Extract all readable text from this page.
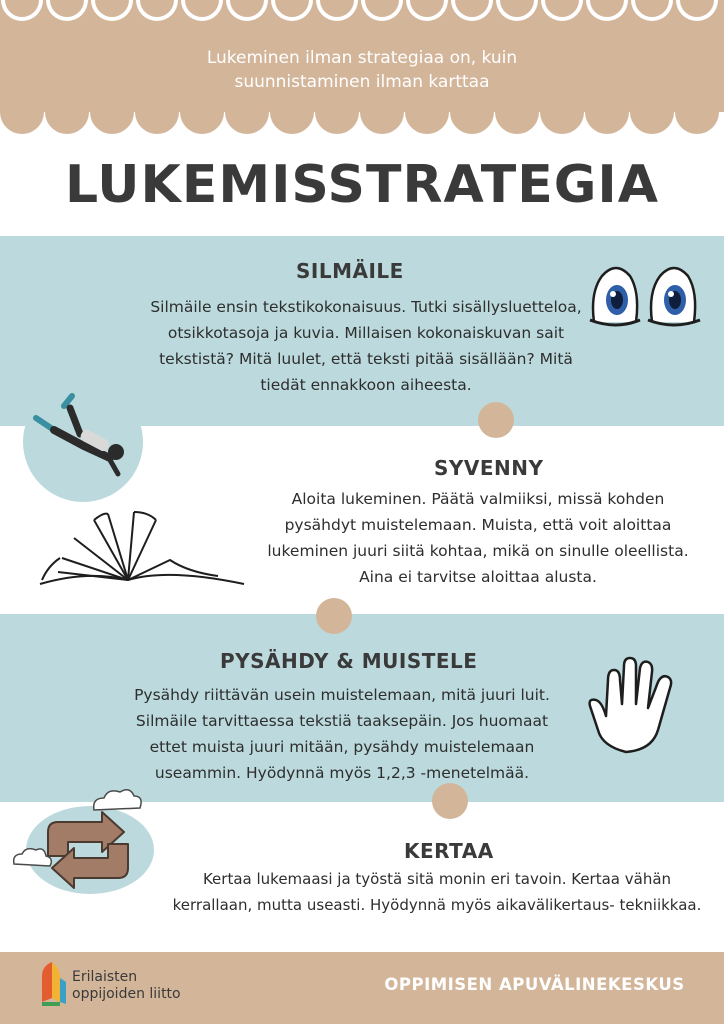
Lukeminen ilman strategiaa on, kuin
suunnistaminen ilman karttaa
LUKEMISSTRATEGIA
SILMÄILE
Silmäile ensin tekstikokonaisuus. Tutki sisällysluetteloa,
otsikkotasoja ja kuvia. Millaisen kokonaiskuvan sait
tekstistä? Mitä luulet, että teksti pitää sisällään? Mitä
tiedät ennakkoon aiheesta.
SYVENNY
Aloita lukeminen. Päätä valmiiksi, missä kohden
pysähdyt muistelemaan. Muista, että voit aloittaa
lukeminen juuri siitä kohtaa, mikä on sinulle oleellista.
Aina ei tarvitse aloittaa alusta.
PYSÄHDY & MUISTELE
Pysähdy riittävän usein muistelemaan, mitä juuri luit.
Silmäile tarvittaessa tekstiä taaksepäin. Jos huomaat
ettet muista juuri mitään, pysähdy muistelemaan
useammin. Hyödynnä myös 1,2,3 -menetelmää.
KERTAA
Kertaa lukemaasi ja työstä sitä monin eri tavoin. Kertaa vähän
kerrallaan, mutta useasti. Hyödynnä myös aikavälikertaus- tekniikkaa.
Erilaisten
oppijoiden liitto	OPPIMISEN APUVÄLINEKESKUS
